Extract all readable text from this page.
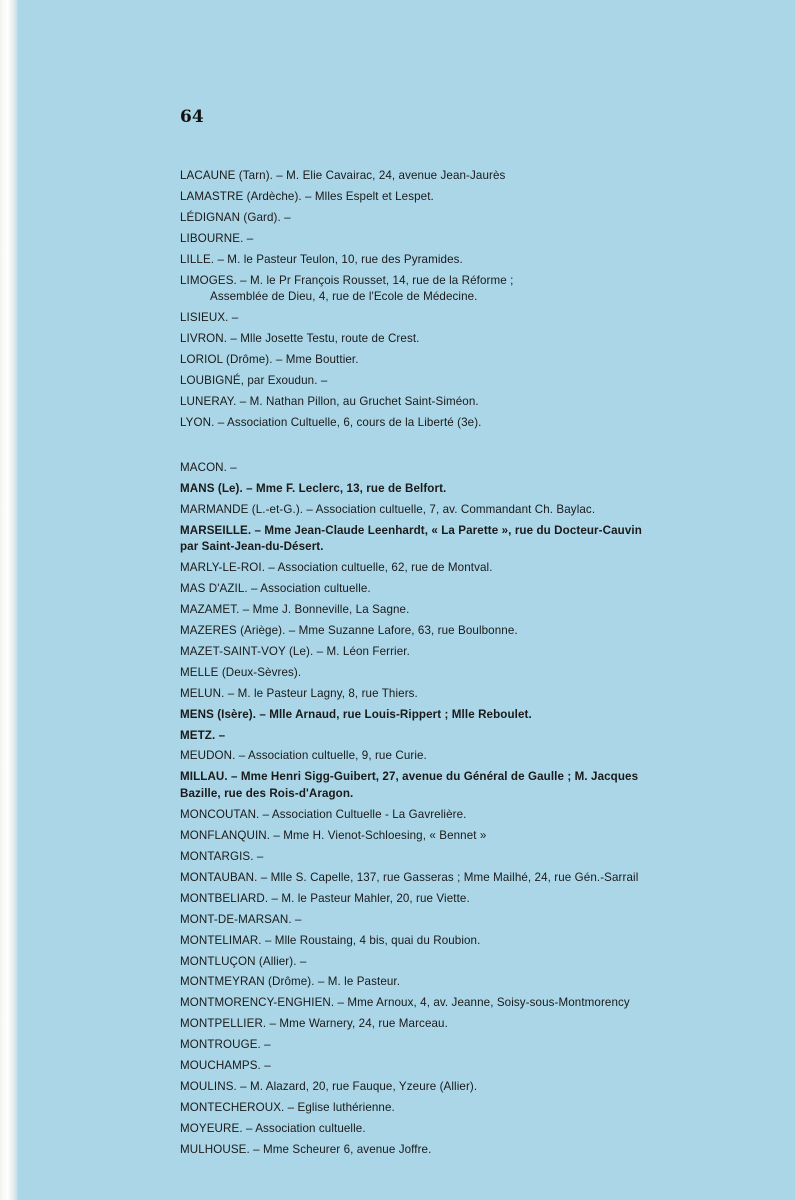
64
LACAUNE (Tarn). – M. Elie Cavairac, 24, avenue Jean-Jaurès
LAMASTRE (Ardèche). – Mlles Espelt et Lespet.
LÉDIGNAN (Gard). –
LIBOURNE. –
LILLE. – M. le Pasteur Teulon, 10, rue des Pyramides.
LIMOGES. – M. le Pr François Rousset, 14, rue de la Réforme ;
Assemblée de Dieu, 4, rue de l'Ecole de Médecine.
LISIEUX. –
LIVRON. – Mlle Josette Testu, route de Crest.
LORIOL (Drôme). – Mme Bouttier.
LOUBIGNÉ, par Exoudun. –
LUNERAY. – M. Nathan Pillon, au Gruchet Saint-Siméon.
LYON. – Association Cultuelle, 6, cours de la Liberté (3e).
MACON. –
MANS (Le). – Mme F. Leclerc, 13, rue de Belfort.
MARMANDE (L.-et-G.). – Association cultuelle, 7, av. Commandant Ch. Baylac.
MARSEILLE. – Mme Jean-Claude Leenhardt, « La Parette », rue du Docteur-Cauvin
par Saint-Jean-du-Désert.
MARLY-LE-ROI. – Association cultuelle, 62, rue de Montval.
MAS D'AZIL. – Association cultuelle.
MAZAMET. – Mme J. Bonneville, La Sagne.
MAZERES (Ariège). – Mme Suzanne Lafore, 63, rue Boulbonne.
MAZET-SAINT-VOY (Le). – M. Léon Ferrier.
MELLE (Deux-Sèvres).
MELUN. – M. le Pasteur Lagny, 8, rue Thiers.
MENS (Isère). – Mlle Arnaud, rue Louis-Rippert ; Mlle Reboulet.
METZ. –
MEUDON. – Association cultuelle, 9, rue Curie.
MILLAU. – Mme Henri Sigg-Guibert, 27, avenue du Général de Gaulle ; M. Jacques
Bazille, rue des Rois-d'Aragon.
MONCOUTAN. – Association Cultuelle - La Gavrelière.
MONFLANQUIN. – Mme H. Vienot-Schloesing, « Bennet »
MONTARGIS. –
MONTAUBAN. – Mlle S. Capelle, 137, rue Gasseras ; Mme Mailhé, 24, rue Gén.-Sarrail
MONTBELIARD. – M. le Pasteur Mahler, 20, rue Viette.
MONT-DE-MARSAN. –
MONTELIMAR. – Mlle Roustaing, 4 bis, quai du Roubion.
MONTLUÇON (Allier). –
MONTMEYRAN (Drôme). – M. le Pasteur.
MONTMORENCY-ENGHIEN. – Mme Arnoux, 4, av. Jeanne, Soisy-sous-Montmorency
MONTPELLIER. – Mme Warnery, 24, rue Marceau.
MONTROUGE. –
MOUCHAMPS. –
MOULINS. – M. Alazard, 20, rue Fauque, Yzeure (Allier).
MONTECHEROUX. – Eglise luthérienne.
MOYEURE. – Association cultuelle.
MULHOUSE. – Mme Scheurer 6, avenue Joffre.
